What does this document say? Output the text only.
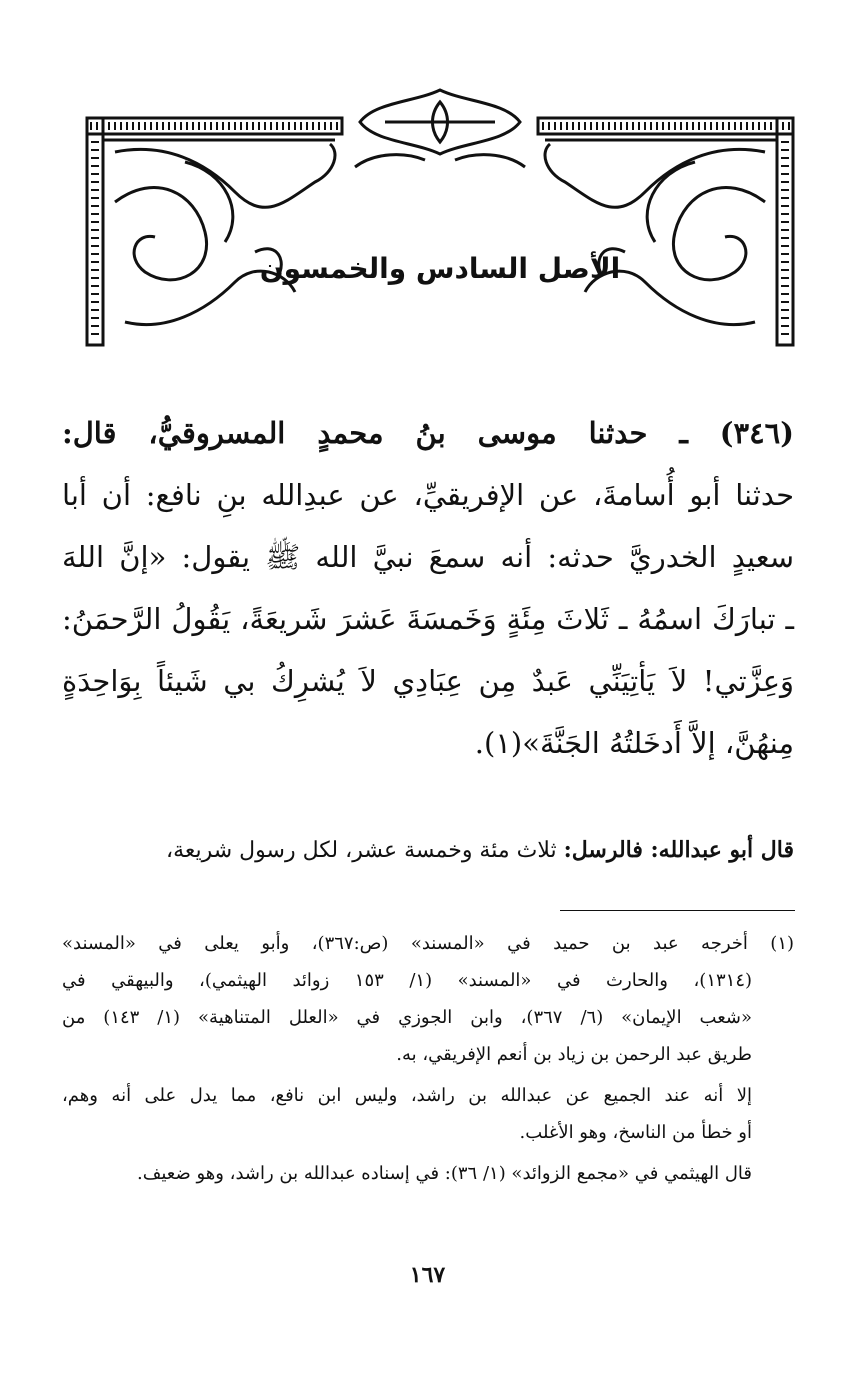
الأصل السادس والخمسون
(٣٤٦) ـ حدثنا موسى بنُ محمدٍ المسروقيُّ، قال:
حدثنا أبو أُسامةَ، عن الإفريقيِّ، عن عبدِالله بنِ نافع: أن أبا
سعيدٍ الخدريَّ حدثه: أنه سمعَ نبيَّ الله ﷺ يقول: «إنَّ اللهَ
ـ تبارَكَ اسمُهُ ـ ثَلاثَ مِئَةٍ وَخَمسَةَ عَشرَ شَريعَةً، يَقُولُ الرَّحمَنُ:
وَعِزَّتي! لاَ يَأتِيَنِّي عَبدٌ مِن عِبَادِي لاَ يُشرِكُ بي شَيئاً بِوَاحِدَةٍ
مِنهُنَّ، إلاَّ أَدخَلتُهُ الجَنَّةَ»(١).
قال أبو عبدالله: فالرسل: ثلاث مئة وخمسة عشر، لكل رسول شريعة،
(١) أخرجه عبد بن حميد في «المسند» (ص:٣٦٧)، وأبو يعلى في «المسند»
(١٣١٤)، والحارث في «المسند» (١/ ١٥٣ زوائد الهيثمي)، والبيهقي في
«شعب الإيمان» (٦/ ٣٦٧)، وابن الجوزي في «العلل المتناهية» (١/ ١٤٣) من
طريق عبد الرحمن بن زياد بن أنعم الإفريقي، به.
إلا أنه عند الجميع عن عبدالله بن راشد، وليس ابن نافع، مما يدل على أنه وهم،
أو خطأ من الناسخ، وهو الأغلب.
قال الهيثمي في «مجمع الزوائد» (١/ ٣٦): في إسناده عبدالله بن راشد، وهو ضعيف.
١٦٧
